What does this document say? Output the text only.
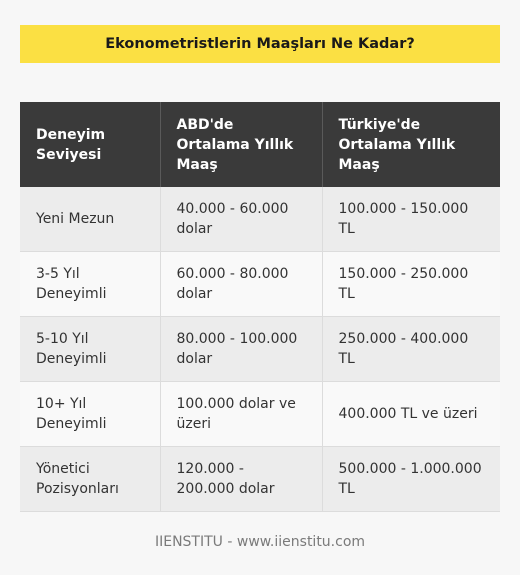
Ekonometristlerin Maaşları Ne Kadar?
Deneyim Seviyesi	ABD'de Ortalama Yıllık Maaş	Türkiye'de Ortalama Yıllık Maaş
Yeni Mezun	40.000 - 60.000 dolar	100.000 - 150.000 TL
3-5 Yıl Deneyimli	60.000 - 80.000 dolar	150.000 - 250.000 TL
5-10 Yıl Deneyimli	80.000 - 100.000 dolar	250.000 - 400.000 TL
10+ Yıl Deneyimli	100.000 dolar ve üzeri	400.000 TL ve üzeri
Yönetici Pozisyonları	120.000 - 200.000 dolar	500.000 - 1.000.000 TL
IIENSTITU - www.iienstitu.com
